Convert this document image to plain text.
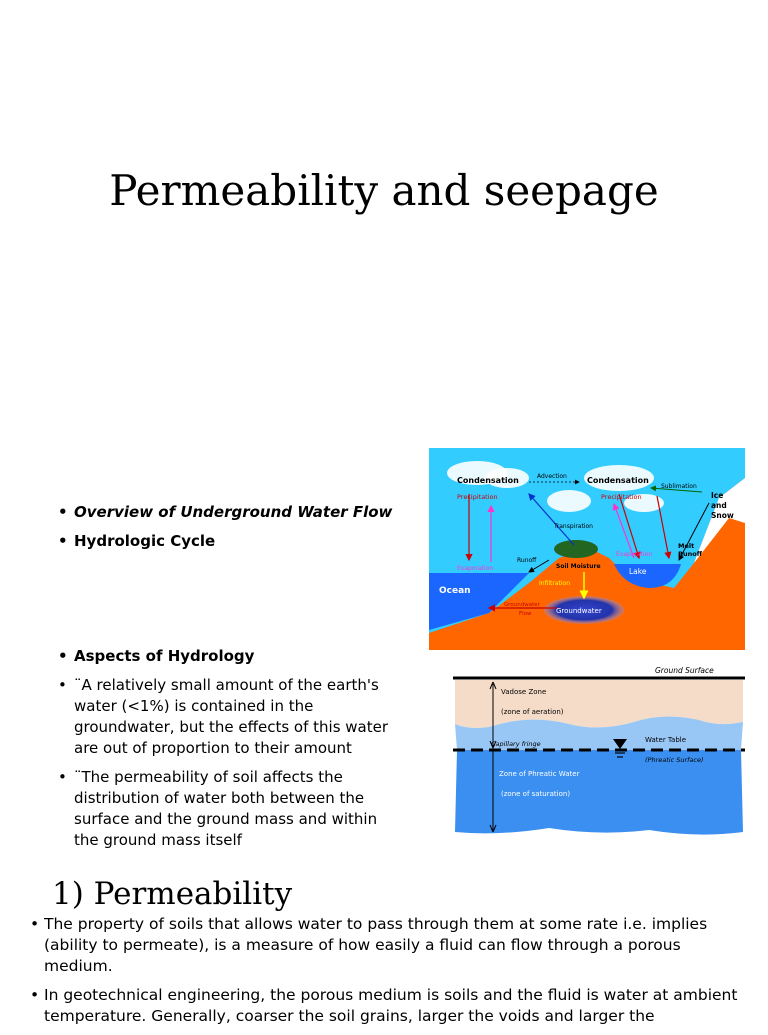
Permeability and seepage
• Overview of Underground Water Flow
• Hydrologic Cycle
• Aspects of Hydrology
• ¨A relatively small amount of the earth's water (<1%) is contained in the groundwater, but the effects of this water are out of proportion to their amount
• ¨The permeability of soil affects the distribution of water both between the surface and the ground mass and within the ground mass itself
Condensation	Advection	Condensation
Sublimation
Precipitation	Precipitation	Ice
and
Snow
Transpiration
Melt
Runoff
Evaporation
Evaporation
Runoff
Soil Moisture
Lake
Ocean
Infiltration
Groundwater
Flow	Groundwater
Ground Surface
Vadose Zone
(zone of aeration)
Capillary fringe	Water Table
(Phreatic Surface)
Zone of Phreatic Water
(zone of saturation)
1) Permeability
• The property of soils that allows water to pass through them at some rate i.e. implies (ability to permeate), is a measure of how easily a fluid can flow through a porous medium.
• In geotechnical engineering, the porous medium is soils and the fluid is water at ambient temperature. Generally, coarser the soil grains, larger the voids and larger the
